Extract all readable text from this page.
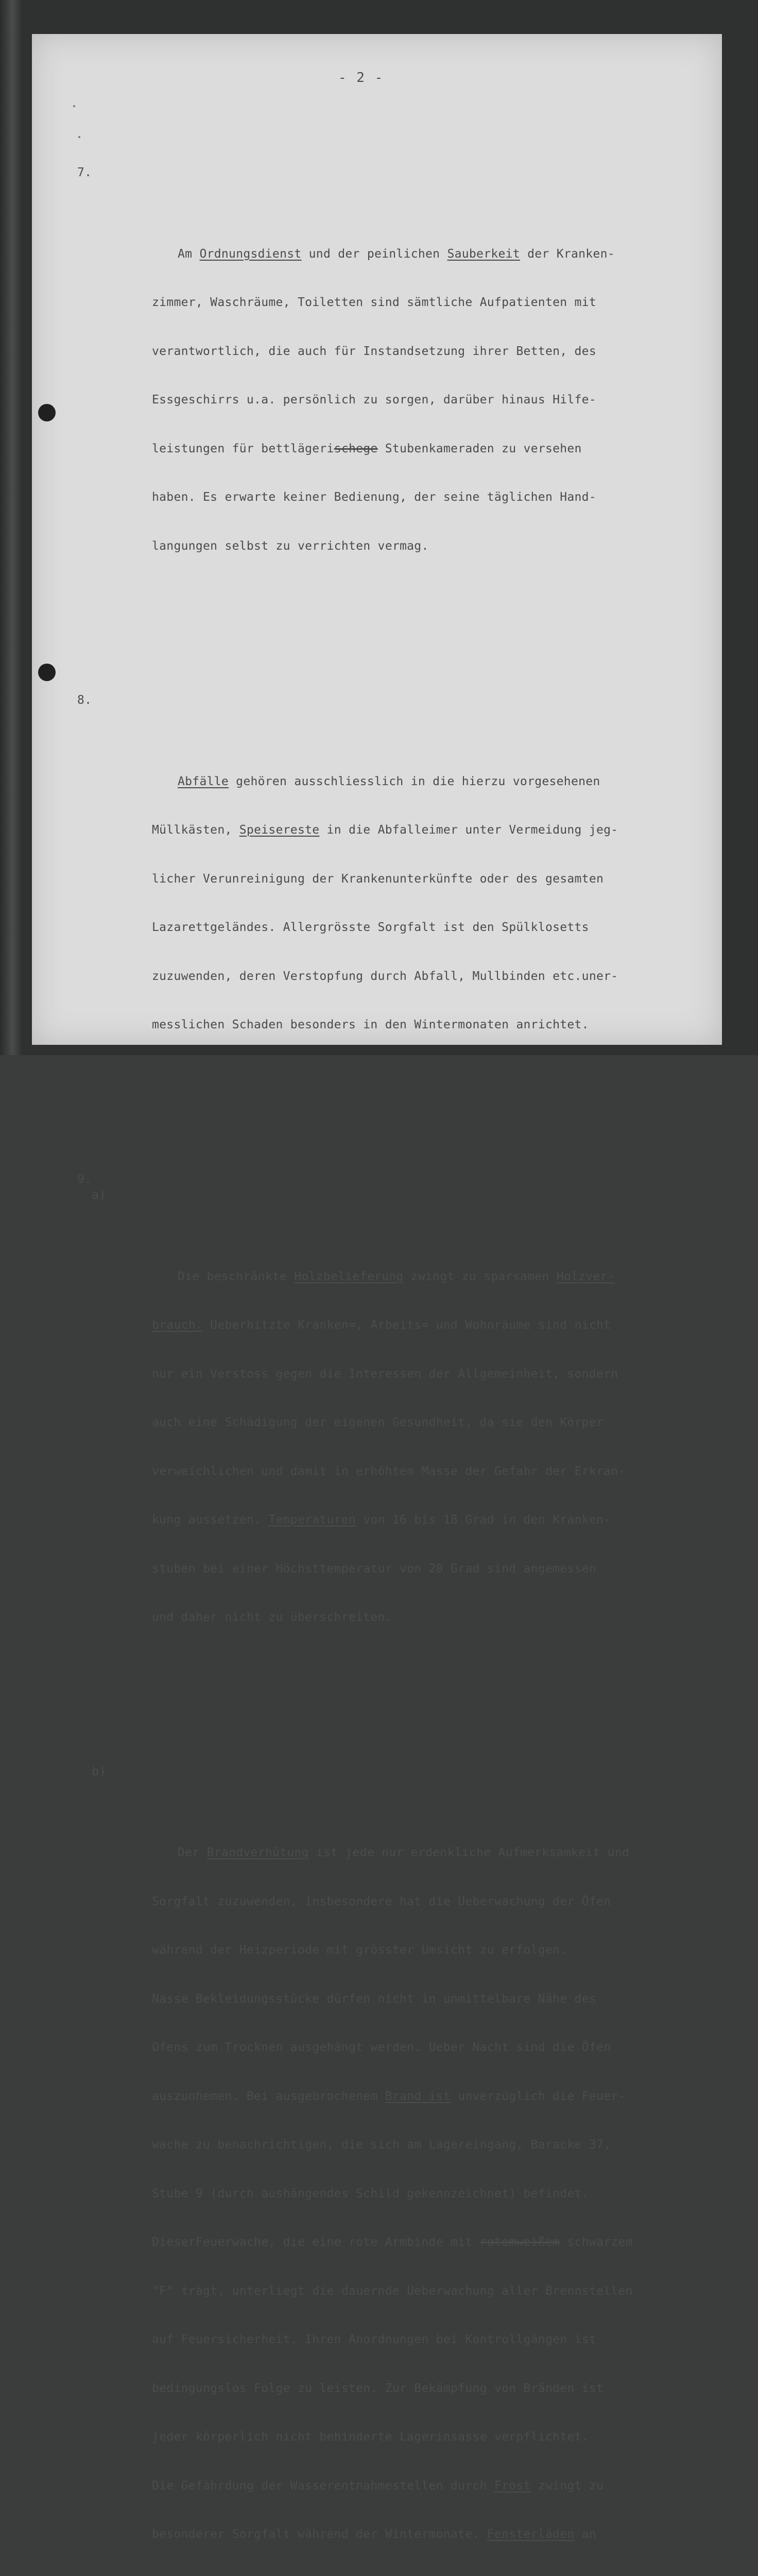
- 2 -

7.

Am Ordnungsdienst und der peinlichen Sauberkeit der Kranken-

zimmer, Waschräume, Toiletten sind sämtliche Aufpatienten mit

verantwortlich, die auch für Instandsetzung ihrer Betten, des

Essgeschirrs u.a. persönlich zu sorgen, darüber hinaus Hilfe-

leistungen für bettlägerischege Stubenkameraden zu versehen

haben. Es erwarte keiner Bedienung, der seine täglichen Hand-

langungen selbst zu verrichten vermag.

8.

Abfälle gehören ausschliesslich in die hierzu vorgesehenen

Müllkästen, Speisereste in die Abfalleimer unter Vermeidung jeg-

licher Verunreinigung der Krankenunterkünfte oder des gesamten

Lazarettgeländes. Allergrösste Sorgfalt ist den Spülklosetts

zuzuwenden, deren Verstopfung durch Abfall, Mullbinden etc.uner-

messlichen Schaden besonders in den Wintermonaten anrichtet.

9.

a)

Die beschränkte Holzbelieferung zwingt zu sparsamen Holzver-

brauch. Ueberhitzte Kranken=, Arbeits= und Wohnräume sind nicht

nur ein Verstoss gegen die Interessen der Allgemeinheit, sondern

auch eine Schädigung der eigenen Gesundheit, da sie den Körper

verweichlichen und damit in erhöhtem Masse der Gefahr der Erkran-

kung aussetzen. Temperaturen von 16 bis 18 Grad in den Kranken-

stuben bei einer Höchsttemperatur von 20 Grad sind angemessen

und daher nicht zu überschreiten.

b)

Der Brandverhütung ist jede nur erdenkliche Aufmerksamkeit und

Sorgfalt zuzuwenden, insbesondere hat die Ueberwachung der Öfen

während der Heizperiode mit grösster Umsicht zu erfolgen.

Nasse Bekleidungsstücke dürfen nicht in unmittelbare Nähe des

Ofens zum Trocknen ausgehängt werden. Ueber Nacht sind die Öfen

auszunhemen. Bei ausgebrochenem Brand ist unverzüglich die Feuer-

wache zu benachrichtigen, die sich am Lagereingang, Baracke 37,

Stube 9 (durch aushängendes Schild gekennzeichnet) befindet.

DieserFeuerwache, die eine rote Armbinde mit rotemweißem schwarzem

"F" trägt, unterliegt die dauernde Ueberwachung aller Brennstellen

auf Feuersicherheit. Ihren Anordnungen bei Kontrollgängen ist

bedingungslos Folge zu leisten. Zur Bekämpfung von Bränden ist

jeder körperlich nicht behinderte Lagerinsasse verpflichtet.

Die Gefährdung der Wasserentnahmestellen durch Frost zwingt zu

besonderer Sorgfalt während der Wintermonate. Fensterläden an
